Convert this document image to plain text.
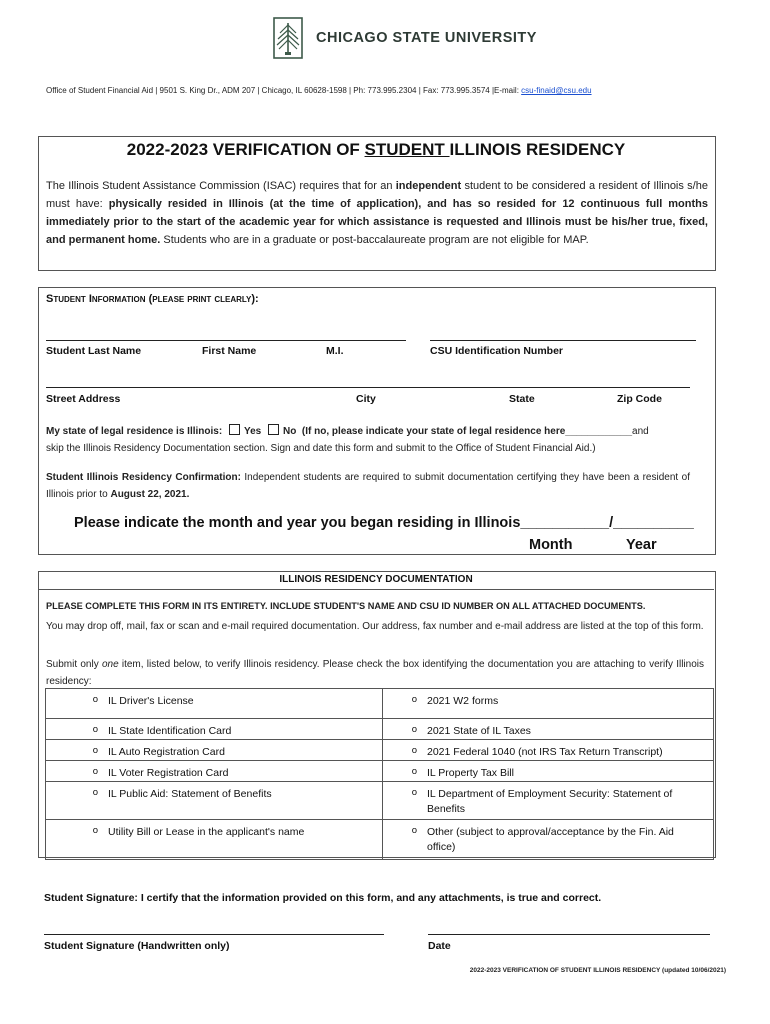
CHICAGO STATE UNIVERSITY
Office of Student Financial Aid | 9501 S. King Dr., ADM 207 | Chicago, IL 60628-1598 | Ph: 773.995.2304 | Fax: 773.995.3574 |E-mail: csu-finaid@csu.edu
2022-2023 VERIFICATION OF STUDENT ILLINOIS RESIDENCY
The Illinois Student Assistance Commission (ISAC) requires that for an independent student to be considered a resident of Illinois s/he must have: physically resided in Illinois (at the time of application), and has so resided for 12 continuous full months immediately prior to the start of the academic year for which assistance is requested and Illinois must be his/her true, fixed, and permanent home. Students who are in a graduate or post-baccalaureate program are not eligible for MAP.
Student Information (please print clearly):
Student Last Name	First Name	M.I.	CSU Identification Number
Street Address	City	State	Zip Code
My state of legal residence is Illinois: Yes No (If no, please indicate your state of legal residence here____________and
skip the Illinois Residency Documentation section. Sign and date this form and submit to the Office of Student Financial Aid.)
Student Illinois Residency Confirmation: Independent students are required to submit documentation certifying they have been a resident of Illinois prior to August 22, 2021.
Please indicate the month and year you began residing in Illinois___________/__________
Month	Year
ILLINOIS RESIDENCY DOCUMENTATION
PLEASE COMPLETE THIS FORM IN ITS ENTIRETY. INCLUDE STUDENT'S NAME AND CSU ID NUMBER ON ALL ATTACHED DOCUMENTS.
You may drop off, mail, fax or scan and e-mail required documentation. Our address, fax number and e-mail address are listed at the top of this form.
Submit only one item, listed below, to verify Illinois residency. Please check the box identifying the documentation you are attaching to verify Illinois residency:
o IL Driver's License	o 2021 W2 forms

o IL State Identification Card	o 2021 State of IL Taxes

o IL Auto Registration Card	o 2021 Federal 1040 (not IRS Tax Return Transcript)

o IL Voter Registration Card	o IL Property Tax Bill

o IL Public Aid: Statement of Benefits	o IL Department of Employment Security: Statement of Benefits

o Utility Bill or Lease in the applicant's name	o Other (subject to approval/acceptance by the Fin. Aid office)
Student Signature: I certify that the information provided on this form, and any attachments, is true and correct.
Student Signature (Handwritten only)	Date
2022-2023 VERIFICATION OF STUDENT ILLINOIS RESIDENCY (updated 10/06/2021)
